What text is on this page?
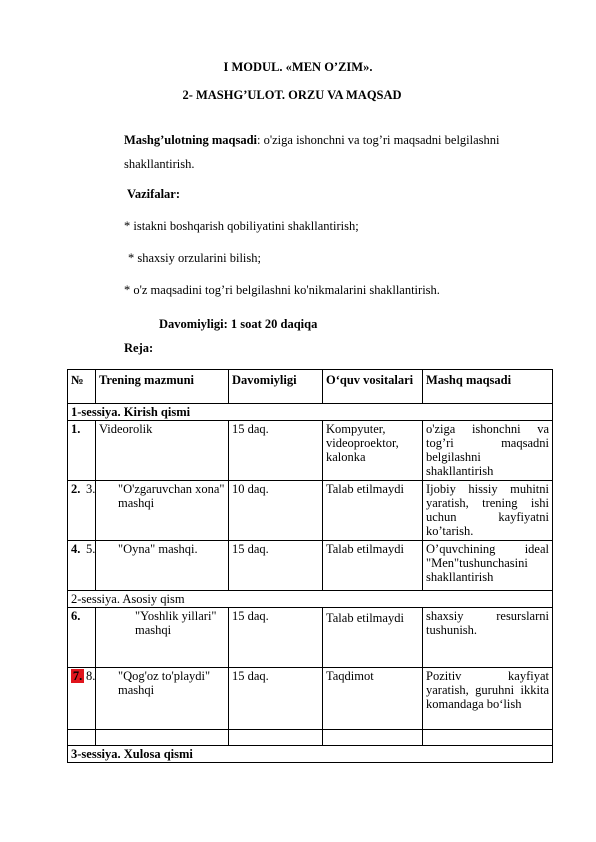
I MODUL. «MEN O’ZIM».
2- MASHG’ULOT. ORZU VA MAQSAD
Mashg’ulotning maqsadi: o'ziga ishonchni va tog’ri maqsadni belgilashni
shakllantirish.
Vazifalar:
* istakni boshqarish qobiliyatini shakllantirish;
* shaxsiy orzularini bilish;
* o'z maqsadini tog’ri belgilashni ko'nikmalarini shakllantirish.
Davomiyligi: 1 soat 20 daqiqa
Reja:
№	Trening mazmuni	Davomiyligi	O‘quv vositalari	Mashq maqsadi
1-sessiya. Kirish qismi				
1.	Videorolik	15 daq.	Kompyuter, videoproektor, kalonka	o'ziga ishonchni va tog’ri maqsadni belgilashni shakllantirish
2.	3. "O'zgaruvchan xona" mashqi	10 daq.	Talab etilmaydi	Ijobiy hissiy muhitni yaratish, trening ishi uchun kayfiyatni ko’tarish.
4.	5. "Oyna" mashqi.	15 daq.	Talab etilmaydi	O’quvchining ideal "Men"tushunchasini shakllantirish
2-sessiya. Asosiy qism				
6.	"Yoshlik yillari" mashqi	15 daq.	Talab etilmaydi	shaxsiy resurslarni tushunish.
7.	8. "Qog'oz to'playdi" mashqi	15 daq.	Taqdimot	Pozitiv kayfiyat yaratish, guruhni ikkita komandaga bo‘lish

3-sessiya. Xulosa qismi				
